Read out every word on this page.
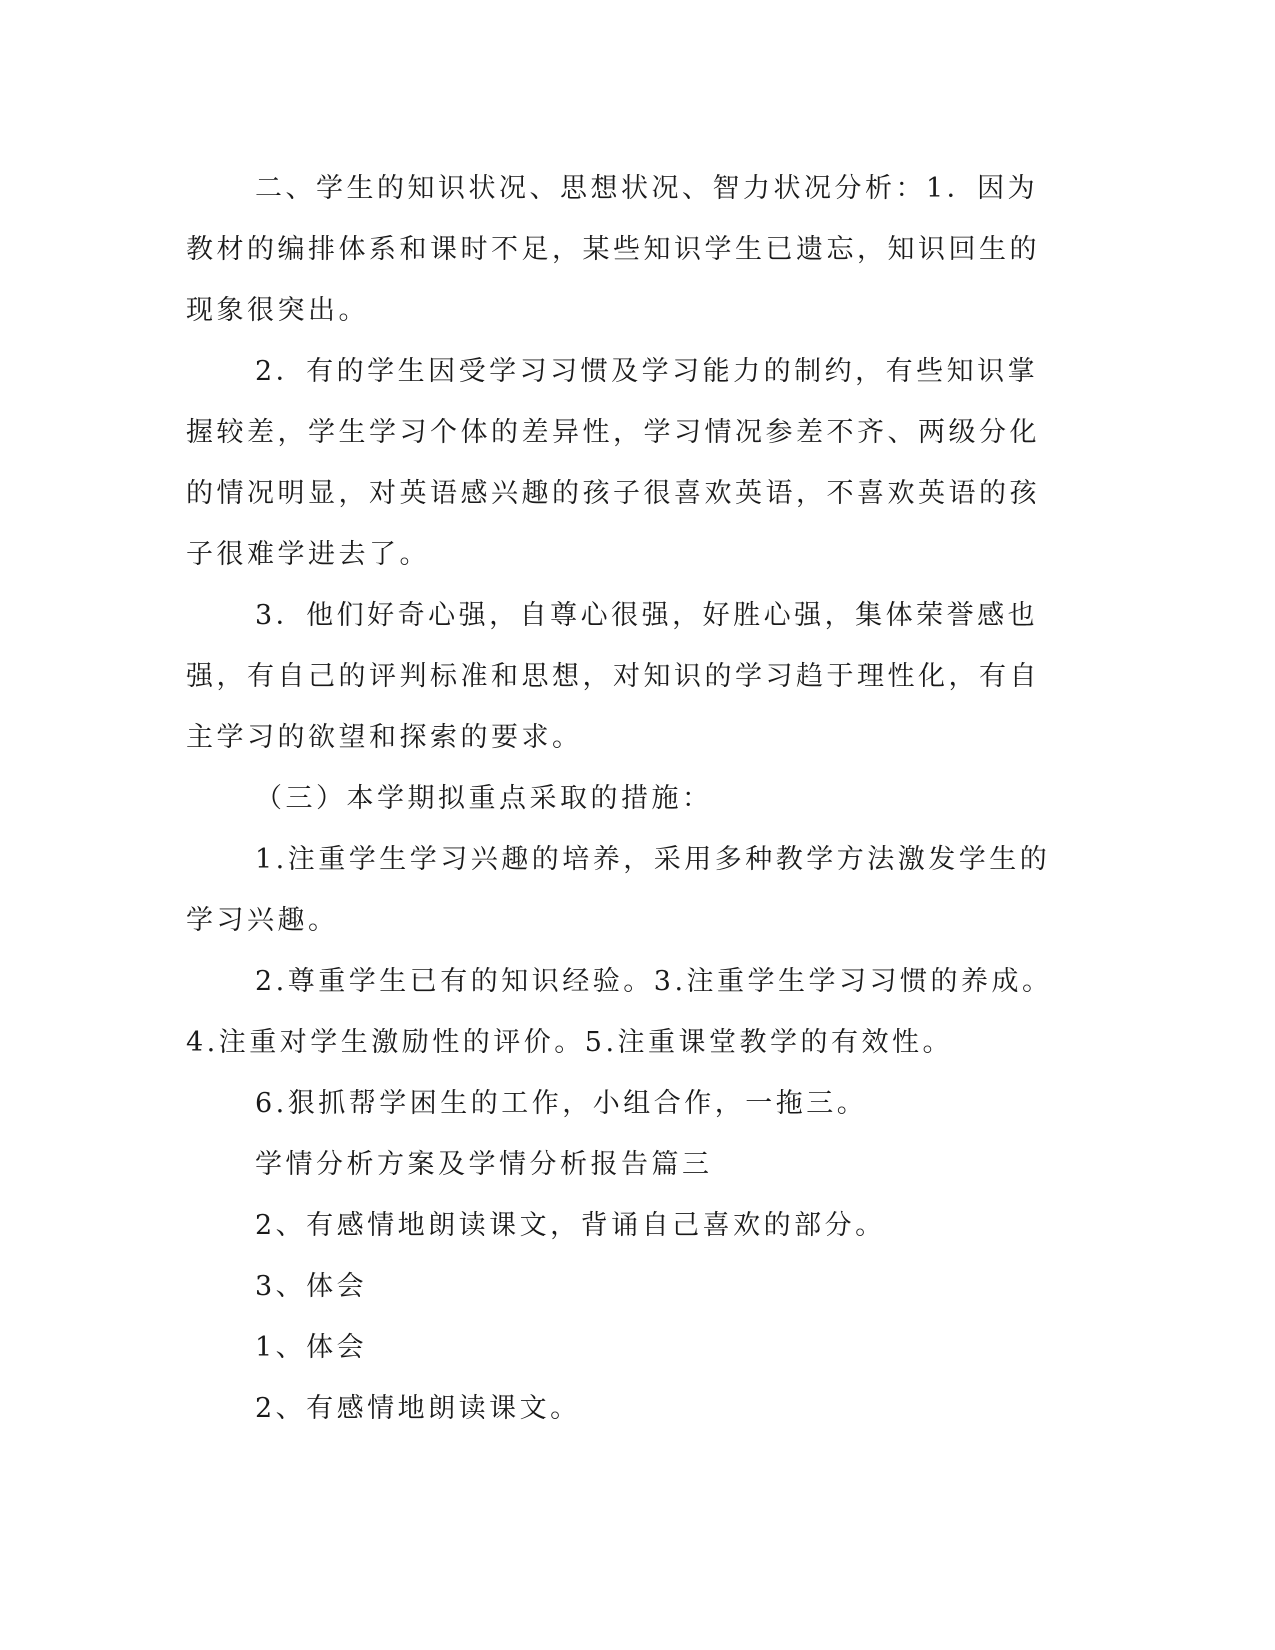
二、学生的知识状况、思想状况、智力状况分析：1．因为教材的编排体系和课时不足，某些知识学生已遗忘，知识回生的现象很突出。

2．有的学生因受学习习惯及学习能力的制约，有些知识掌握较差，学生学习个体的差异性，学习情况参差不齐、两级分化的情况明显，对英语感兴趣的孩子很喜欢英语，不喜欢英语的孩子很难学进去了。

3．他们好奇心强，自尊心很强，好胜心强，集体荣誉感也强，有自己的评判标准和思想，对知识的学习趋于理性化，有自主学习的欲望和探索的要求。

（三）本学期拟重点采取的措施：

1.注重学生学习兴趣的培养，采用多种教学方法激发学生的学习兴趣。

2.尊重学生已有的知识经验。3.注重学生学习习惯的养成。4.注重对学生激励性的评价。5.注重课堂教学的有效性。

6.狠抓帮学困生的工作，小组合作，一拖三。

学情分析方案及学情分析报告篇三

2、有感情地朗读课文，背诵自己喜欢的部分。

3、体会

1、体会

2、有感情地朗读课文。
